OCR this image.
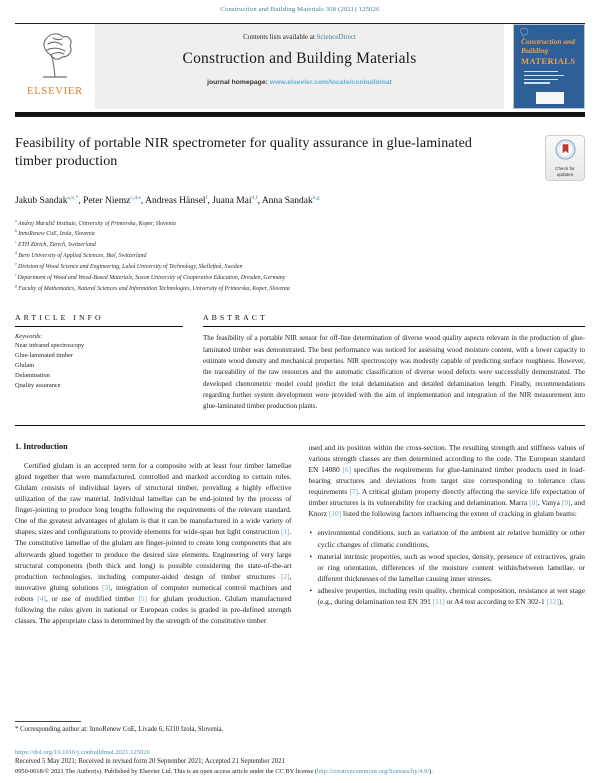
Construction and Building Materials 308 (2021) 125026
ELSEVIER
Contents lists available at ScienceDirect
Construction and Building Materials
journal homepage: www.elsevier.com/locate/conbuildmat
Construction and Building
MATERIALS
Feasibility of portable NIR spectrometer for quality assurance in glue-laminated timber production	Check for
updates
Jakub Sandak$^{a,b,*}$, Peter Niemz$^{c,d,e}$, Andreas Hänsel$^f$, Juana Mai$^{d,f}$, Anna Sandak$^{b,g}$
$^a$Andrej Marušič Institute, University of Primorska, Koper, Slovenia
$^b$InnoRenew CoE, Izola, Slovenia
$^c$ETH Zürich, Zürich, Switzerland
$^d$Bern University of Applied Sciences, Biel, Switzerland
$^e$Division of Wood Science and Engineering, Luleå University of Technology, Skellefteå, Sweden
$^f$Department of Wood and Wood-Based Materials, Saxon University of Cooperative Education, Dresden, Germany
$^g$Faculty of Mathematics, Natural Sciences and Information Technologies, University of Primorska, Koper, Slovenia
ARTICLE INFO
Keywords:
Near infrared spectroscopy
Glue-laminated timber
Glulam
Delamination
Quality assurance
ABSTRACT
The feasibility of a portable NIR sensor for off-line determination of diverse wood quality aspects relevant in the production of glue-laminated timber was demonstrated. The best performance was noticed for assessing wood moisture content, with a lower capacity to estimate wood density and mechanical properties. NIR spectroscopy was modestly capable of predicting surface roughness. However, the traceability of the raw resources and the automatic classification of diverse wood defects were successfully demonstrated. The developed chemometric model could predict the total delamination and detailed delamination length. Finally, recommendations regarding further system development were provided with the aim of implementation and integration of the NIR measurement into glue-laminated timber production plants.
1. Introduction

Certified glulam is an accepted term for a composite with at least four timber lamellae glued together that were manufactured, controlled and marked according to certain rules. Glulam consists of individual layers of structural timber, providing a highly effective utilization of the raw material. Individual lamellae can be end-jointed by the process of finger-jointing to produce long lengths following the requirements of the relevant standard. One of the greatest advantages of glulam is that it can be manufactured in a wide variety of shapes, sizes and configurations to provide elements for wide-span but light construction [1]. The constitutive lamellae of the glulam are finger-jointed to create long components that are afterwards glued together to produce the desired size elements. Engineering of very large structural components (both thick and long) is possible considering the state-of-the-art production technologies, including computer-aided design of timber structures [2], innovative gluing solutions [3], integration of computer numerical control machines and robots [4], or use of modified timber [5] for glulam production. Glulam manufactured following the rules given in national or European codes is graded in pre-defined strength classes. The appropriate class is determined by the strength of the constitutive timber

used and its position within the cross-section. The resulting strength and stiffness values of various strength classes are then determined according to the code. The European standard EN 14080 [6] specifies the requirements for glue-laminated timber products used in load-bearing structures and deviations from target size corresponding to tolerance class requirements [7]. A critical glulam property directly affecting the service life expectation of timber structures is its vulnerability for cracking and delamination. Marra [8], Vanya [9], and Knorz [10] listed the following factors influencing the extent of cracking in glulam beams:

• environmental conditions, such as variation of the ambient air relative humidity or other cyclic changes of climatic conditions,
• material intrinsic properties, such as wood species, density, presence of extractives, grain or ring orientation, differences of the moisture content within/between lamellae, or different thicknesses of the lamellae causing inner stresses,
• adhesive properties, including resin quality, chemical composition, resistance at wet stage (e.g., during delamination test EN 391 [11] or A4 test according to EN 302-1 [12]),
* Corresponding author at: InnoRenew CoE, Livade 6, 6310 Izola, Slovenia.
https://doi.org/10.1016/j.conbuildmat.2021.125026
Received 5 May 2021; Received in revised form 20 September 2021; Accepted 21 September 2021
0950-0618/© 2021 The Author(s). Published by Elsevier Ltd. This is an open access article under the CC BY license (http://creativecommons.org/licenses/by/4.0/).
